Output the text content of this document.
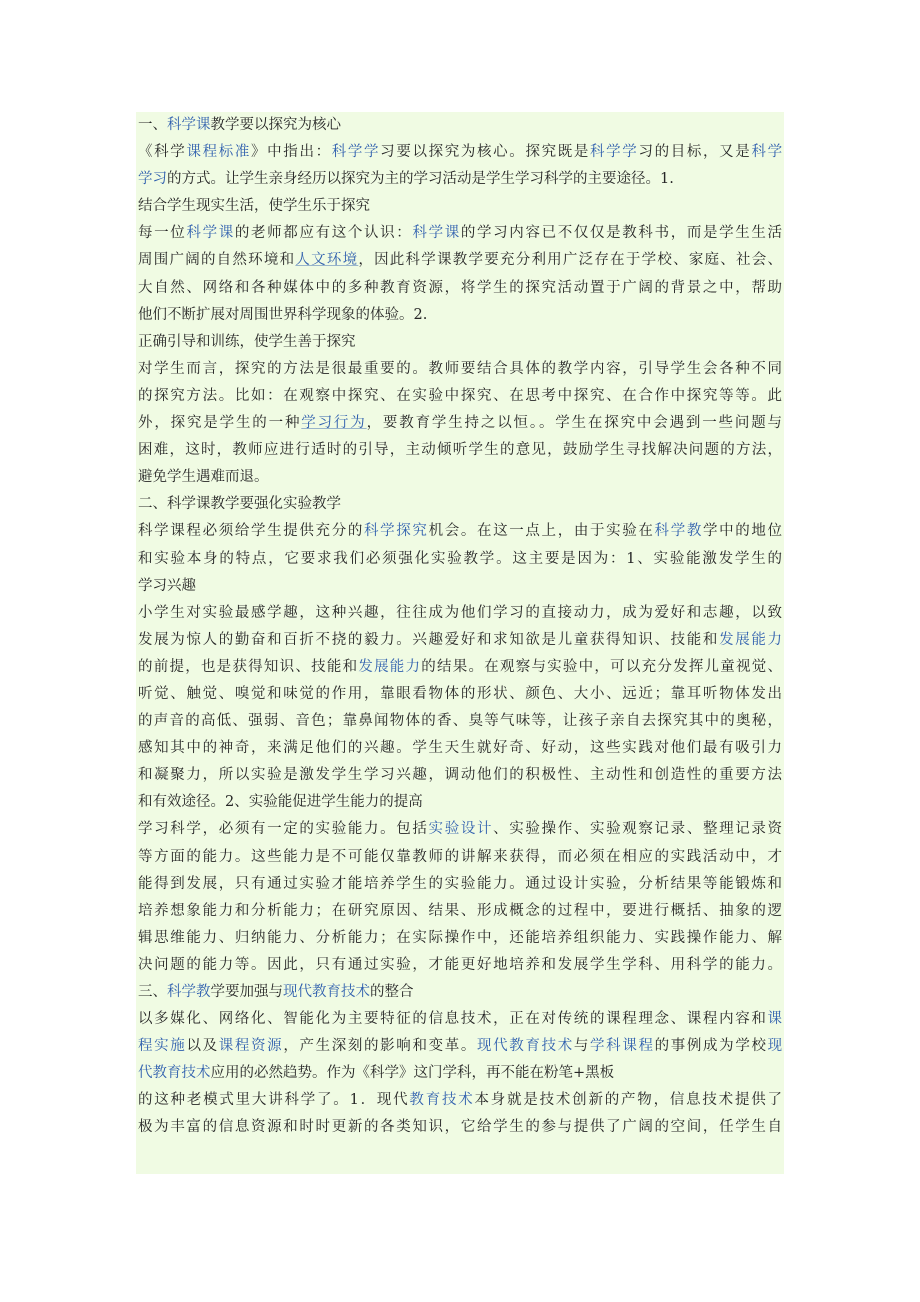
一、科学课教学要以探究为核心
《科学课程标准》中指出：科学学习要以探究为核心。探究既是科学学习的目标，又是科学
学习的方式。让学生亲身经历以探究为主的学习活动是学生学习科学的主要途径。1.
结合学生现实生活，使学生乐于探究
每一位科学课的老师都应有这个认识：科学课的学习内容已不仅仅是教科书，而是学生生活
周围广阔的自然环境和人文环境，因此科学课教学要充分利用广泛存在于学校、家庭、社会、
大自然、网络和各种媒体中的多种教育资源，将学生的探究活动置于广阔的背景之中，帮助
他们不断扩展对周围世界科学现象的体验。2.
正确引导和训练，使学生善于探究
对学生而言，探究的方法是很最重要的。教师要结合具体的教学内容，引导学生会各种不同
的探究方法。比如：在观察中探究、在实验中探究、在思考中探究、在合作中探究等等。此
外，探究是学生的一种学习行为，要教育学生持之以恒。。学生在探究中会遇到一些问题与
困难，这时，教师应进行适时的引导，主动倾听学生的意见，鼓励学生寻找解决问题的方法，
避免学生遇难而退。
二、科学课教学要强化实验教学
科学课程必须给学生提供充分的科学探究机会。在这一点上，由于实验在科学教学中的地位
和实验本身的特点，它要求我们必须强化实验教学。这主要是因为：1、实验能激发学生的
学习兴趣
小学生对实验最感学趣，这种兴趣，往往成为他们学习的直接动力，成为爱好和志趣，以致
发展为惊人的勤奋和百折不挠的毅力。兴趣爱好和求知欲是儿童获得知识、技能和发展能力
的前提，也是获得知识、技能和发展能力的结果。在观察与实验中，可以充分发挥儿童视觉、
听觉、触觉、嗅觉和味觉的作用，靠眼看物体的形状、颜色、大小、远近；靠耳听物体发出
的声音的高低、强弱、音色；靠鼻闻物体的香、臭等气味等，让孩子亲自去探究其中的奥秘，
感知其中的神奇，来满足他们的兴趣。学生天生就好奇、好动，这些实践对他们最有吸引力
和凝聚力，所以实验是激发学生学习兴趣，调动他们的积极性、主动性和创造性的重要方法
和有效途径。2、实验能促进学生能力的提高
学习科学，必须有一定的实验能力。包括实验设计、实验操作、实验观察记录、整理记录资
等方面的能力。这些能力是不可能仅靠教师的讲解来获得，而必须在相应的实践活动中，才
能得到发展，只有通过实验才能培养学生的实验能力。通过设计实验，分析结果等能锻炼和
培养想象能力和分析能力；在研究原因、结果、形成概念的过程中，要进行概括、抽象的逻
辑思维能力、归纳能力、分析能力；在实际操作中，还能培养组织能力、实践操作能力、解
决问题的能力等。因此，只有通过实验，才能更好地培养和发展学生学科、用科学的能力。
三、科学教学要加强与现代教育技术的整合
以多媒化、网络化、智能化为主要特征的信息技术，正在对传统的课程理念、课程内容和课
程实施以及课程资源，产生深刻的影响和变革。现代教育技术与学科课程的事例成为学校现
代教育技术应用的必然趋势。作为《科学》这门学科，再不能在粉笔+黑板
的这种老模式里大讲科学了。1．现代教育技术本身就是技术创新的产物，信息技术提供了
极为丰富的信息资源和时时更新的各类知识，它给学生的参与提供了广阔的空间，任学生自
